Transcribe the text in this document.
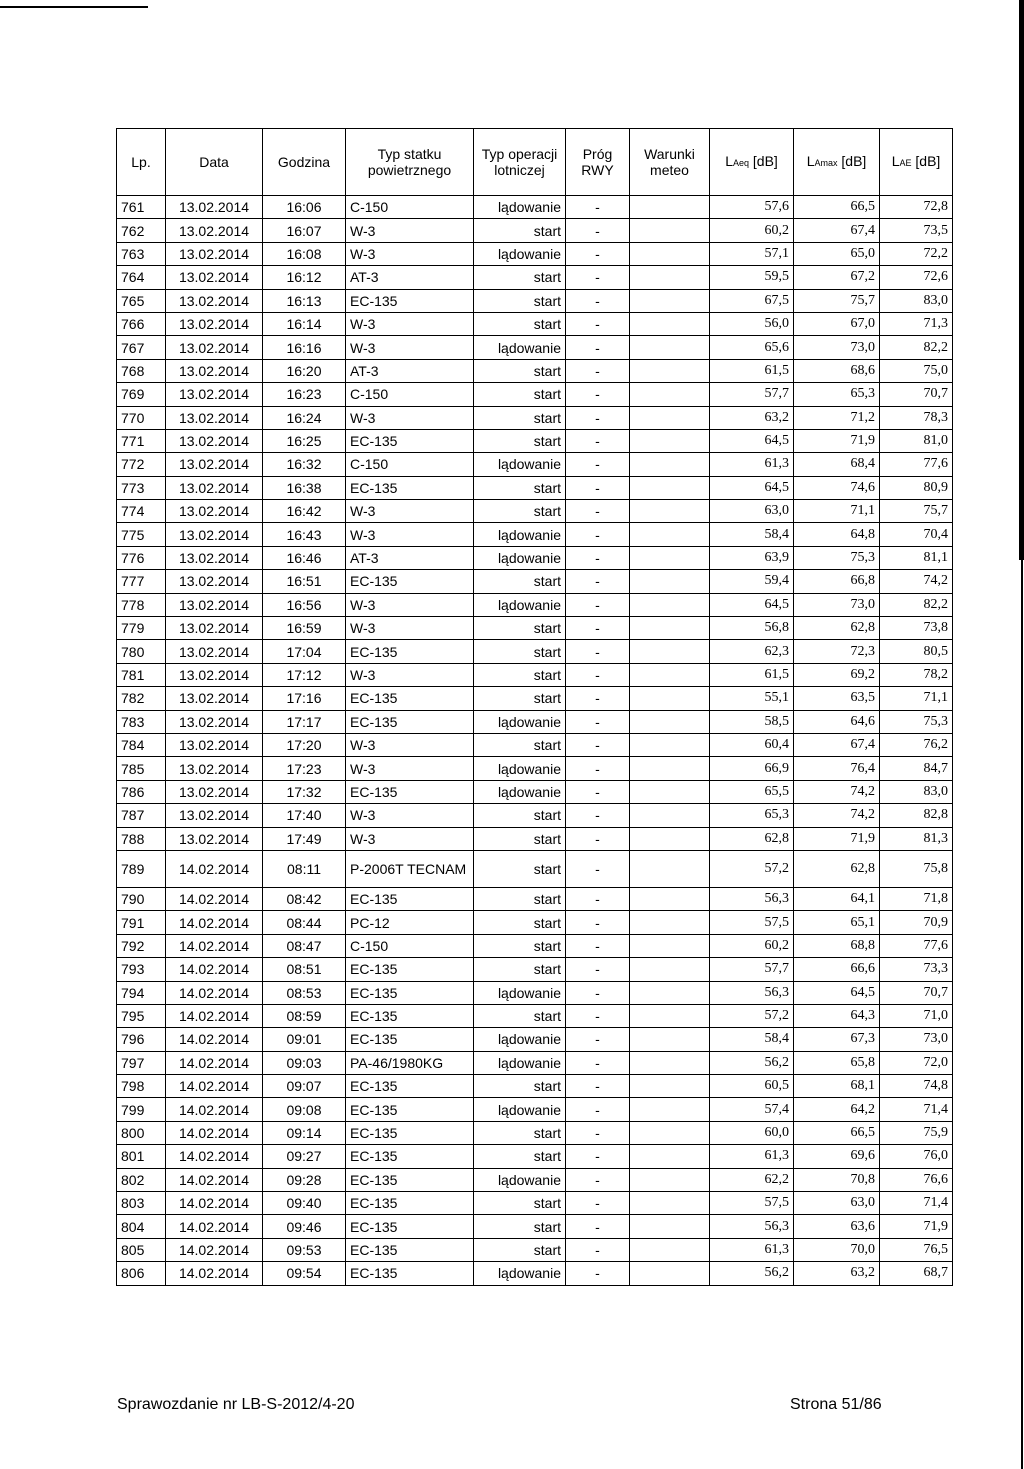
Lp.	Data	Godzina	Typ statku powietrznego	Typ operacji lotniczej	Próg RWY	Warunki meteo	LAeq [dB]	LAmax [dB]	LAE [dB]
761	13.02.2014	16:06	C-150	lądowanie	-		57,6	66,5	72,8
762	13.02.2014	16:07	W-3	start	-		60,2	67,4	73,5
763	13.02.2014	16:08	W-3	lądowanie	-		57,1	65,0	72,2
764	13.02.2014	16:12	AT-3	start	-		59,5	67,2	72,6
765	13.02.2014	16:13	EC-135	start	-		67,5	75,7	83,0
766	13.02.2014	16:14	W-3	start	-		56,0	67,0	71,3
767	13.02.2014	16:16	W-3	lądowanie	-		65,6	73,0	82,2
768	13.02.2014	16:20	AT-3	start	-		61,5	68,6	75,0
769	13.02.2014	16:23	C-150	start	-		57,7	65,3	70,7
770	13.02.2014	16:24	W-3	start	-		63,2	71,2	78,3
771	13.02.2014	16:25	EC-135	start	-		64,5	71,9	81,0
772	13.02.2014	16:32	C-150	lądowanie	-		61,3	68,4	77,6
773	13.02.2014	16:38	EC-135	start	-		64,5	74,6	80,9
774	13.02.2014	16:42	W-3	start	-		63,0	71,1	75,7
775	13.02.2014	16:43	W-3	lądowanie	-		58,4	64,8	70,4
776	13.02.2014	16:46	AT-3	lądowanie	-		63,9	75,3	81,1
777	13.02.2014	16:51	EC-135	start	-		59,4	66,8	74,2
778	13.02.2014	16:56	W-3	lądowanie	-		64,5	73,0	82,2
779	13.02.2014	16:59	W-3	start	-		56,8	62,8	73,8
780	13.02.2014	17:04	EC-135	start	-		62,3	72,3	80,5
781	13.02.2014	17:12	W-3	start	-		61,5	69,2	78,2
782	13.02.2014	17:16	EC-135	start	-		55,1	63,5	71,1
783	13.02.2014	17:17	EC-135	lądowanie	-		58,5	64,6	75,3
784	13.02.2014	17:20	W-3	start	-		60,4	67,4	76,2
785	13.02.2014	17:23	W-3	lądowanie	-		66,9	76,4	84,7
786	13.02.2014	17:32	EC-135	lądowanie	-		65,5	74,2	83,0
787	13.02.2014	17:40	W-3	start	-		65,3	74,2	82,8
788	13.02.2014	17:49	W-3	start	-		62,8	71,9	81,3
789	14.02.2014	08:11	P-2006T TECNAM	start	-		57,2	62,8	75,8
790	14.02.2014	08:42	EC-135	start	-		56,3	64,1	71,8
791	14.02.2014	08:44	PC-12	start	-		57,5	65,1	70,9
792	14.02.2014	08:47	C-150	start	-		60,2	68,8	77,6
793	14.02.2014	08:51	EC-135	start	-		57,7	66,6	73,3
794	14.02.2014	08:53	EC-135	lądowanie	-		56,3	64,5	70,7
795	14.02.2014	08:59	EC-135	start	-		57,2	64,3	71,0
796	14.02.2014	09:01	EC-135	lądowanie	-		58,4	67,3	73,0
797	14.02.2014	09:03	PA-46/1980KG	lądowanie	-		56,2	65,8	72,0
798	14.02.2014	09:07	EC-135	start	-		60,5	68,1	74,8
799	14.02.2014	09:08	EC-135	lądowanie	-		57,4	64,2	71,4
800	14.02.2014	09:14	EC-135	start	-		60,0	66,5	75,9
801	14.02.2014	09:27	EC-135	start	-		61,3	69,6	76,0
802	14.02.2014	09:28	EC-135	lądowanie	-		62,2	70,8	76,6
803	14.02.2014	09:40	EC-135	start	-		57,5	63,0	71,4
804	14.02.2014	09:46	EC-135	start	-		56,3	63,6	71,9
805	14.02.2014	09:53	EC-135	start	-		61,3	70,0	76,5
806	14.02.2014	09:54	EC-135	lądowanie	-		56,2	63,2	68,7
Sprawozdanie nr LB-S-2012/4-20	Strona 51/86
